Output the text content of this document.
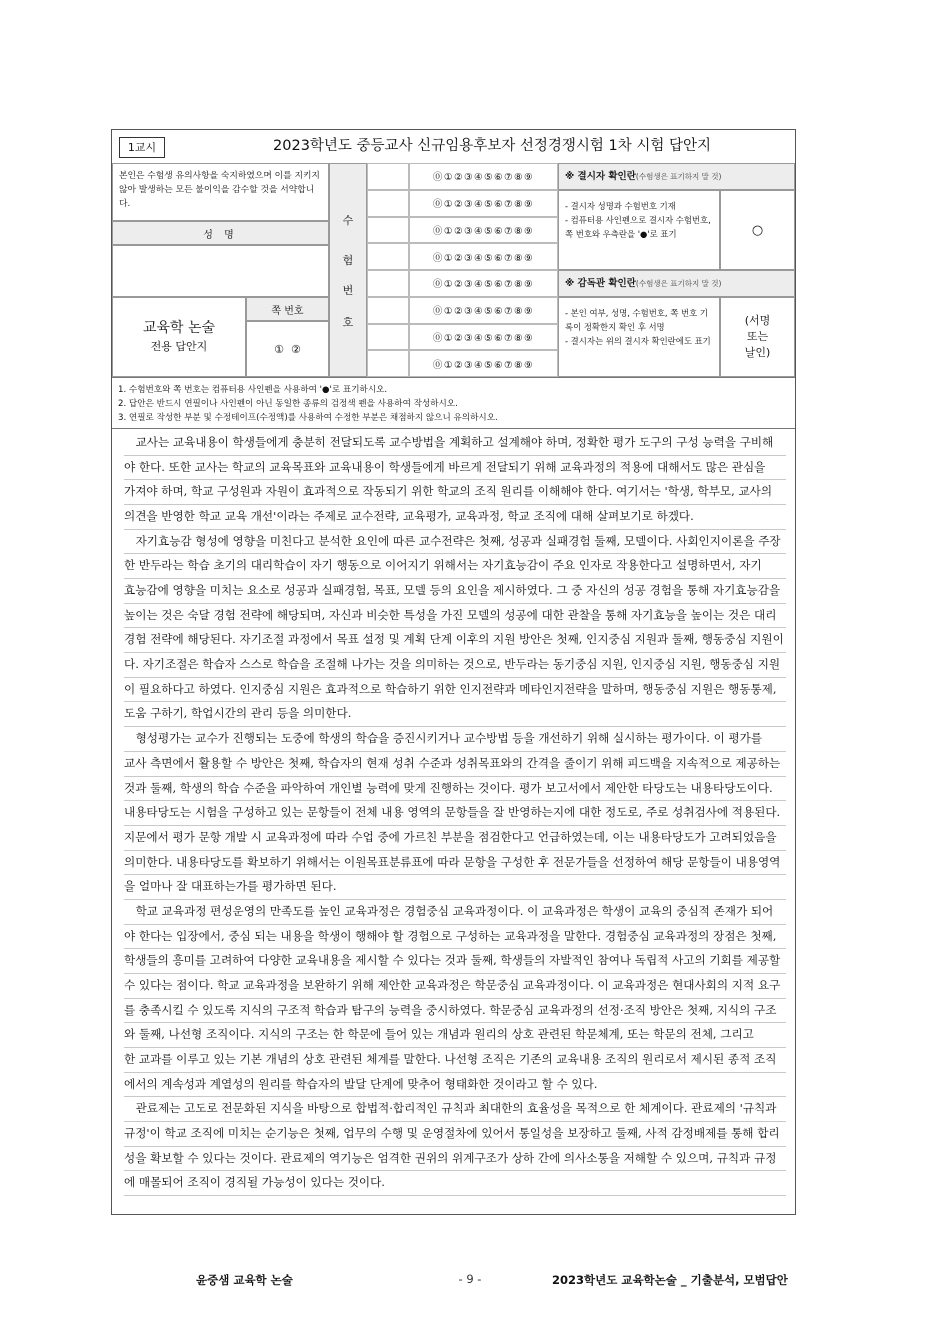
1교시	2023학년도 중등교사 신규임용후보자 선정경쟁시험 1차 시험 답안지
본인은 수험생 유의사항을 숙지하였으며 이를 지키지 않아 발생하는 모든 불이익을 감수할 것을 서약합니다.
성 명
교육학 논술
전용 답안지
쪽 번호
①  ②
수
험
번
호
⓪①②③④⑤⑥⑦⑧⑨
⓪①②③④⑤⑥⑦⑧⑨
⓪①②③④⑤⑥⑦⑧⑨
⓪①②③④⑤⑥⑦⑧⑨
⓪①②③④⑤⑥⑦⑧⑨
⓪①②③④⑤⑥⑦⑧⑨
⓪①②③④⑤⑥⑦⑧⑨
⓪①②③④⑤⑥⑦⑧⑨
※ 결시자 확인란(수험생은 표기하지 말 것)
- 결시자 성명과 수험번호 기재
- 컴퓨터용 사인펜으로 결시자 수험번호, 쪽 번호와 우측란을 '●'로 표기	○
※ 감독관 확인란(수험생은 표기하지 말 것)
- 본인 여부, 성명, 수험번호, 쪽 번호 기록이 정확한지 확인 후 서명
- 결시자는 위의 결시자 확인란에도 표기
(서명
또는
날인)
1. 수험번호와 쪽 번호는 컴퓨터용 사인펜을 사용하여 '●'로 표기하시오.
2. 답안은 반드시 연필이나 사인펜이 아닌 동일한 종류의 검정색 펜을 사용하여 작성하시오.
3. 연필로 작성한 부분 및 수정테이프(수정액)를 사용하여 수정한 부분은 채점하지 않으니 유의하시오.
　교사는 교육내용이 학생들에게 충분히 전달되도록 교수방법을 계획하고 설계해야 하며, 정확한 평가 도구의 구성 능력을 구비해
야 한다. 또한 교사는 학교의 교육목표와 교육내용이 학생들에게 바르게 전달되기 위해 교육과정의 적용에 대해서도 많은 관심을
가져야 하며, 학교 구성원과 자원이 효과적으로 작동되기 위한 학교의 조직 원리를 이해해야 한다. 여기서는 '학생, 학부모, 교사의
의견을 반영한 학교 교육 개선'이라는 주제로 교수전략, 교육평가, 교육과정, 학교 조직에 대해 살펴보기로 하겠다.
　자기효능감 형성에 영향을 미친다고 분석한 요인에 따른 교수전략은 첫째, 성공과 실패경험 둘째, 모델이다. 사회인지이론을 주장
한 반두라는 학습 초기의 대리학습이 자기 행동으로 이어지기 위해서는 자기효능감이 주요 인자로 작용한다고 설명하면서, 자기
효능감에 영향을 미치는 요소로 성공과 실패경험, 목표, 모델 등의 요인을 제시하였다. 그 중 자신의 성공 경험을 통해 자기효능감을
높이는 것은 숙달 경험 전략에 해당되며, 자신과 비슷한 특성을 가진 모델의 성공에 대한 관찰을 통해 자기효능을 높이는 것은 대리
경험 전략에 해당된다. 자기조절 과정에서 목표 설정 및 계획 단계 이후의 지원 방안은 첫째, 인지중심 지원과 둘째, 행동중심 지원이
다. 자기조절은 학습자 스스로 학습을 조절해 나가는 것을 의미하는 것으로, 반두라는 동기중심 지원, 인지중심 지원, 행동중심 지원
이 필요하다고 하였다. 인지중심 지원은 효과적으로 학습하기 위한 인지전략과 메타인지전략을 말하며, 행동중심 지원은 행동통제,
도움 구하기, 학업시간의 관리 등을 의미한다.
　형성평가는 교수가 진행되는 도중에 학생의 학습을 증진시키거나 교수방법 등을 개선하기 위해 실시하는 평가이다. 이 평가를
교사 측면에서 활용할 수 방안은 첫째, 학습자의 현재 성취 수준과 성취목표와의 간격을 줄이기 위해 피드백을 지속적으로 제공하는
것과 둘째, 학생의 학습 수준을 파악하여 개인별 능력에 맞게 진행하는 것이다. 평가 보고서에서 제안한 타당도는 내용타당도이다.
내용타당도는 시험을 구성하고 있는 문항들이 전체 내용 영역의 문항들을 잘 반영하는지에 대한 정도로, 주로 성취검사에 적용된다.
지문에서 평가 문항 개발 시 교육과정에 따라 수업 중에 가르친 부분을 점검한다고 언급하였는데, 이는 내용타당도가 고려되었음을
의미한다. 내용타당도를 확보하기 위해서는 이원목표분류표에 따라 문항을 구성한 후 전문가들을 선정하여 해당 문항들이 내용영역
을 얼마나 잘 대표하는가를 평가하면 된다.
　학교 교육과정 편성운영의 만족도를 높인 교육과정은 경험중심 교육과정이다. 이 교육과정은 학생이 교육의 중심적 존재가 되어
야 한다는 입장에서, 중심 되는 내용을 학생이 행해야 할 경험으로 구성하는 교육과정을 말한다. 경험중심 교육과정의 장점은 첫째,
학생들의 흥미를 고려하여 다양한 교육내용을 제시할 수 있다는 것과 둘째, 학생들의 자발적인 참여나 독립적 사고의 기회를 제공할
수 있다는 점이다. 학교 교육과정을 보완하기 위해 제안한 교육과정은 학문중심 교육과정이다. 이 교육과정은 현대사회의 지적 요구
를 충족시킬 수 있도록 지식의 구조적 학습과 탐구의 능력을 중시하였다. 학문중심 교육과정의 선정·조직 방안은 첫째, 지식의 구조
와 둘째, 나선형 조직이다. 지식의 구조는 한 학문에 들어 있는 개념과 원리의 상호 관련된 학문체계, 또는 학문의 전체, 그리고
한 교과를 이루고 있는 기본 개념의 상호 관련된 체계를 말한다. 나선형 조직은 기존의 교육내용 조직의 원리로서 제시된 종적 조직
에서의 계속성과 계열성의 원리를 학습자의 발달 단계에 맞추어 형태화한 것이라고 할 수 있다.
　관료제는 고도로 전문화된 지식을 바탕으로 합법적·합리적인 규칙과 최대한의 효율성을 목적으로 한 체계이다. 관료제의 '규칙과
규정'이 학교 조직에 미치는 순기능은 첫째, 업무의 수행 및 운영절차에 있어서 통일성을 보장하고 둘째, 사적 감정배제를 통해 합리
성을 확보할 수 있다는 것이다. 관료제의 역기능은 엄격한 권위의 위계구조가 상하 간에 의사소통을 저해할 수 있으며, 규칙과 규정
에 매몰되어 조직이 경직될 가능성이 있다는 것이다.
윤중샘 교육학 논술	- 9 -	2023학년도 교육학논술 _ 기출분석, 모범답안
